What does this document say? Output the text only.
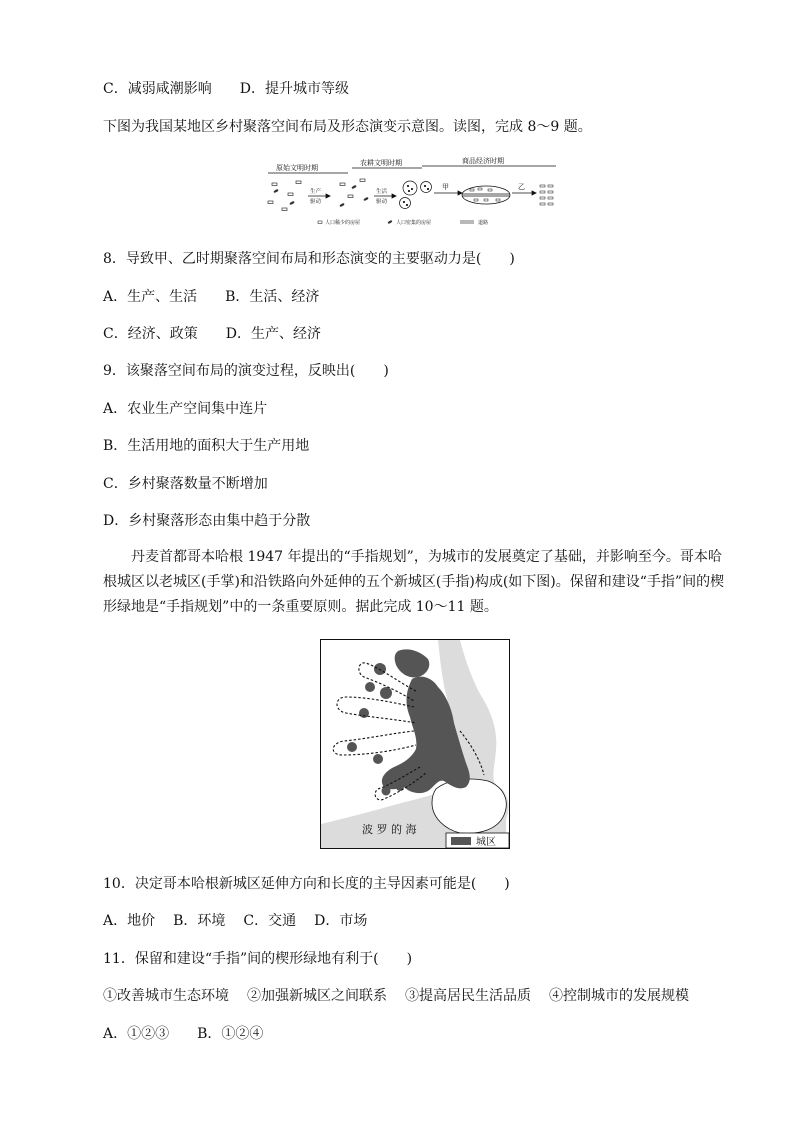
C．减弱咸潮影响 D．提升城市等级
下图为我国某地区乡村聚落空间布局及形态演变示意图。读图，完成 8～9 题。
原始文明时期
农耕文明时期	商品经济时期
生产
驱动
生活
驱动
甲	乙
人口稀少的房屋	人口密集的房屋	道路
8．导致甲、乙时期聚落空间布局和形态演变的主要驱动力是(　　)
A．生产、生活 B．生活、经济
C．经济、政策 D．生产、经济
9．该聚落空间布局的演变过程，反映出(　　)
A．农业生产空间集中连片
B．生活用地的面积大于生产用地
C．乡村聚落数量不断增加
D．乡村聚落形态由集中趋于分散
丹麦首都哥本哈根 1947 年提出的“手指规划”，为城市的发展奠定了基础，并影响至今。哥本哈根城区以老城区(手掌)和沿铁路向外延伸的五个新城区(手指)构成(如下图)。保留和建设“手指”间的楔形绿地是“手指规划”中的一条重要原则。据此完成 10～11 题。
波 罗 的 海
城区
10．决定哥本哈根新城区延伸方向和长度的主导因素可能是(　　)
A．地价 B．环境 C．交通 D．市场
11．保留和建设“手指”间的楔形绿地有利于(　　)
①改善城市生态环境 ②加强新城区之间联系 ③提高居民生活品质 ④控制城市的发展规模
A．①②③ B．①②④
